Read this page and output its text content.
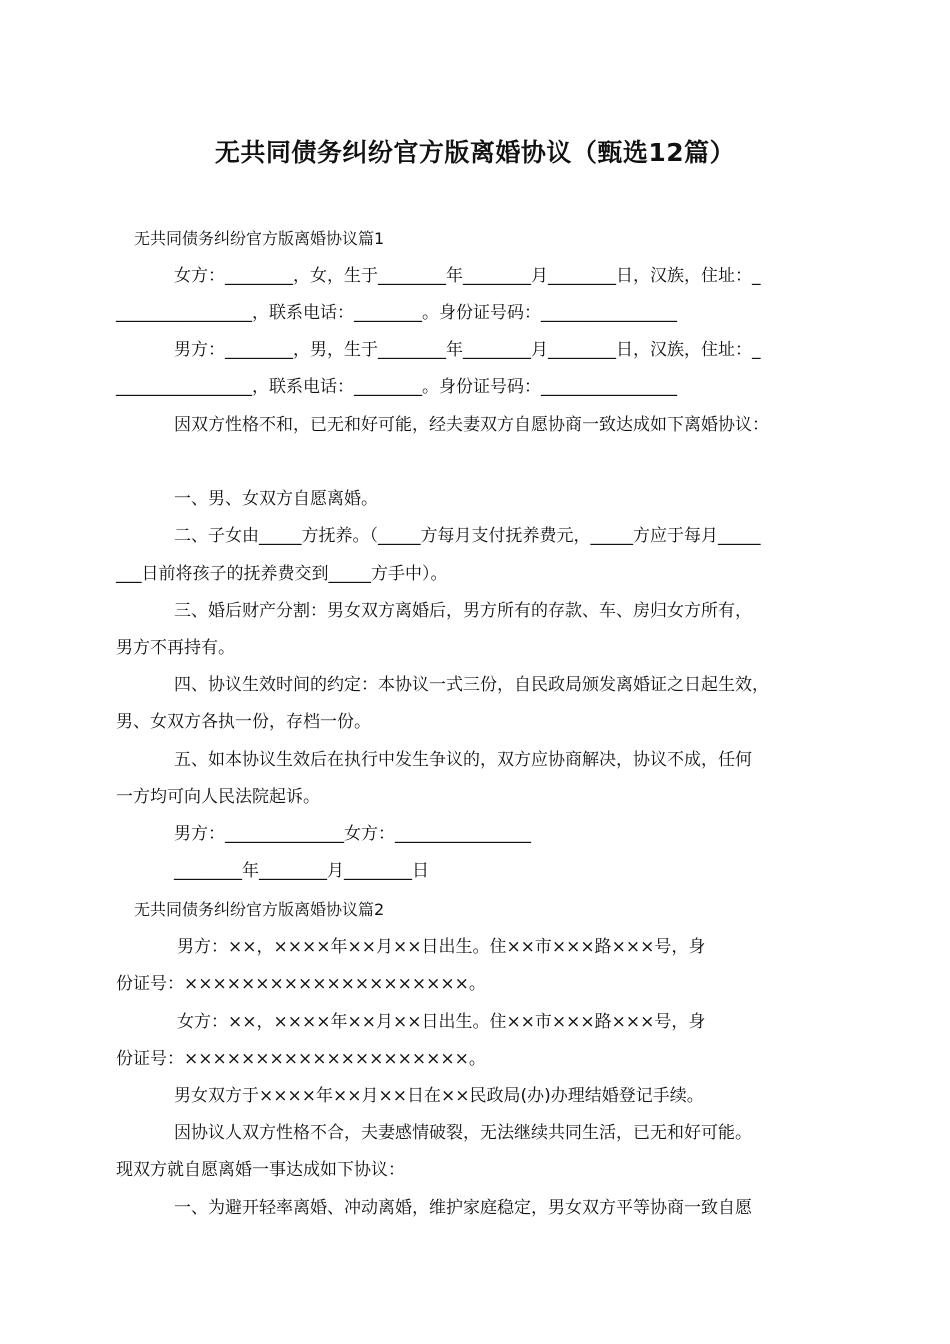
无共同债务纠纷官方版离婚协议（甄选12篇）
无共同债务纠纷官方版离婚协议篇1
女方：________，女，生于________年________月________日，汉族，住址：_
________________，联系电话：________。身份证号码：________________
男方：________，男，生于________年________月________日，汉族，住址：_
________________，联系电话：________。身份证号码：________________
因双方性格不和，已无和好可能，经夫妻双方自愿协商一致达成如下离婚协议：
一、男、女双方自愿离婚。
二、子女由_____方抚养。（_____方每月支付抚养费元，_____方应于每月_____
___日前将孩子的抚养费交到_____方手中）。
三、婚后财产分割：男女双方离婚后，男方所有的存款、车、房归女方所有，
男方不再持有。
四、协议生效时间的约定：本协议一式三份，自民政局颁发离婚证之日起生效，
男、女双方各执一份，存档一份。
五、如本协议生效后在执行中发生争议的，双方应协商解决，协议不成，任何
一方均可向人民法院起诉。
男方：______________女方：________________
________年________月________日
无共同债务纠纷官方版离婚协议篇2
男方：××，××××年××月××日出生。住××市×××路×××号，身
份证号：××××××××××××××××××××。
女方：××，××××年××月××日出生。住××市×××路×××号，身
份证号：××××××××××××××××××××。
男女双方于××××年××月××日在××民政局(办)办理结婚登记手续。
因协议人双方性格不合，夫妻感情破裂，无法继续共同生活，已无和好可能。
现双方就自愿离婚一事达成如下协议：
一、为避开轻率离婚、冲动离婚，维护家庭稳定，男女双方平等协商一致自愿
